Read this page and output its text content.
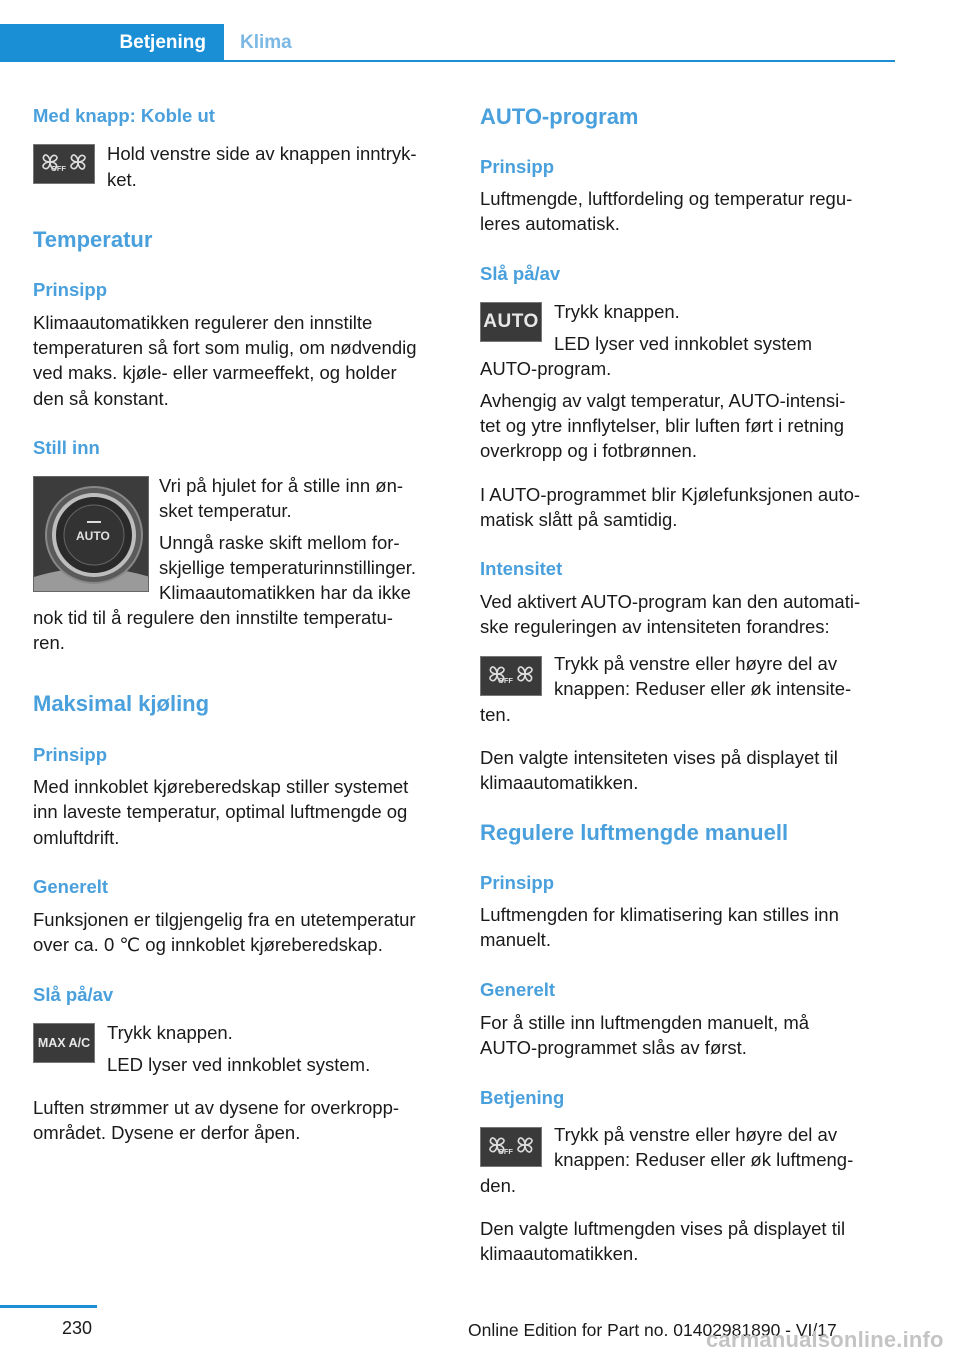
Betjening	Klima
Med knapp: Koble ut
OFF

Hold venstre side av knappen inntryk-

ket.

Temperatur
Prinsipp

Klimaautomatikken regulerer den innstilte

temperaturen så fort som mulig, om nødvendig

ved maks. kjøle- eller varmeeffekt, og holder

den så konstant.

Still inn
AUTO

Vri på hjulet for å stille inn øn-

sket temperatur.

Unngå raske skift mellom for-

skjellige temperaturinnstillinger.

Klimaautomatikken har da ikke

nok tid til å regulere den innstilte temperatu-

ren.

Maksimal kjøling
Prinsipp

Med innkoblet kjøreberedskap stiller systemet

inn laveste temperatur, optimal luftmengde og

omluftdrift.

Generelt

Funksjonen er tilgjengelig fra en utetemperatur

over ca. 0 ℃ og innkoblet kjøreberedskap.

Slå på/av
MAX A/C Trykk knappen.

LED lyser ved innkoblet system.

Luften strømmer ut av dysene for overkropp-

området. Dysene er derfor åpen.

AUTO-program
Prinsipp

Luftmengde, luftfordeling og temperatur regu-

leres automatisk.

Slå på/av
AUTO Trykk knappen.

LED lyser ved innkoblet system

AUTO-program.

Avhengig av valgt temperatur, AUTO-intensi-

tet og ytre innflytelser, blir luften ført i retning

overkropp og i fotbrønnen.

I AUTO-programmet blir Kjølefunksjonen auto-

matisk slått på samtidig.

Intensitet

Ved aktivert AUTO-program kan den automati-

ske reguleringen av intensiteten forandres:

OFF

Trykk på venstre eller høyre del av

knappen: Reduser eller øk intensite-

ten.

Den valgte intensiteten vises på displayet til

klimaautomatikken.

Regulere luftmengde manuell
Prinsipp

Luftmengden for klimatisering kan stilles inn

manuelt.

Generelt

For å stille inn luftmengden manuelt, må

AUTO-programmet slås av først.

Betjening
OFF

Trykk på venstre eller høyre del av

knappen: Reduser eller øk luftmeng-

den.

Den valgte luftmengden vises på displayet til

klimaautomatikken.

230	Online Edition for Part no. 01402981890 - VI/17
carmanualsonline.info
